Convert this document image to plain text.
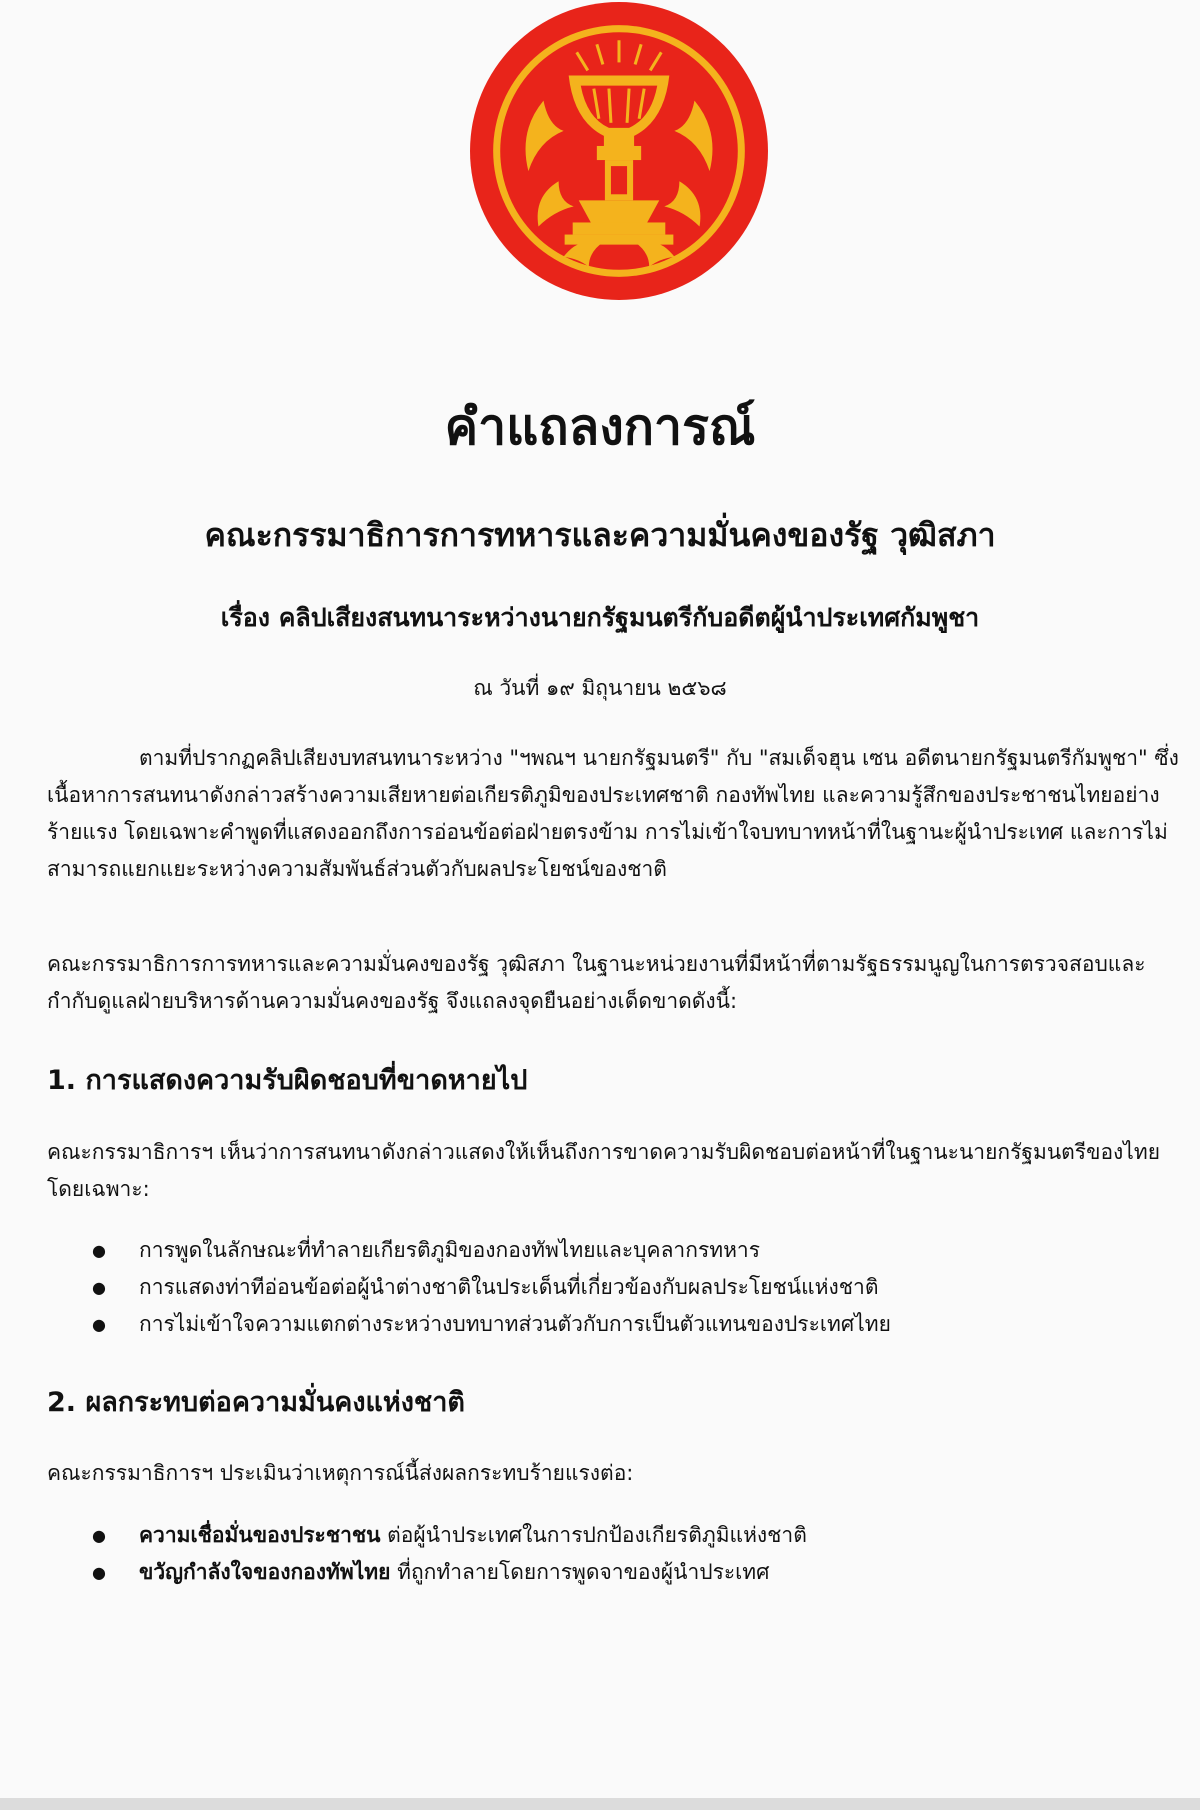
คำแถลงการณ์
คณะกรรมาธิการการทหารและความมั่นคงของรัฐ วุฒิสภา
เรื่อง คลิปเสียงสนทนาระหว่างนายกรัฐมนตรีกับอดีตผู้นำประเทศกัมพูชา

ณ วันที่ ๑๙ มิถุนายน ๒๕๖๘

ตามที่ปรากฏคลิปเสียงบทสนทนาระหว่าง "ฯพณฯ นายกรัฐมนตรี" กับ "สมเด็จฮุน เซน อดีตนายกรัฐมนตรีกัมพูชา" ซึ่งเนื้อหาการสนทนาดังกล่าวสร้างความเสียหายต่อเกียรติภูมิของประเทศชาติ กองทัพไทย และความรู้สึกของประชาชนไทยอย่างร้ายแรง โดยเฉพาะคำพูดที่แสดงออกถึงการอ่อนข้อต่อฝ่ายตรงข้าม การไม่เข้าใจบทบาทหน้าที่ในฐานะผู้นำประเทศ และการไม่สามารถแยกแยะระหว่างความสัมพันธ์ส่วนตัวกับผลประโยชน์ของชาติ

คณะกรรมาธิการการทหารและความมั่นคงของรัฐ วุฒิสภา ในฐานะหน่วยงานที่มีหน้าที่ตามรัฐธรรมนูญในการตรวจสอบและกำกับดูแลฝ่ายบริหารด้านความมั่นคงของรัฐ จึงแถลงจุดยืนอย่างเด็ดขาดดังนี้:

1. การแสดงความรับผิดชอบที่ขาดหายไป

คณะกรรมาธิการฯ เห็นว่าการสนทนาดังกล่าวแสดงให้เห็นถึงการขาดความรับผิดชอบต่อหน้าที่ในฐานะนายกรัฐมนตรีของไทย โดยเฉพาะ:

● การพูดในลักษณะที่ทำลายเกียรติภูมิของกองทัพไทยและบุคลากรทหาร
● การแสดงท่าทีอ่อนข้อต่อผู้นำต่างชาติในประเด็นที่เกี่ยวข้องกับผลประโยชน์แห่งชาติ
● การไม่เข้าใจความแตกต่างระหว่างบทบาทส่วนตัวกับการเป็นตัวแทนของประเทศไทย
2. ผลกระทบต่อความมั่นคงแห่งชาติ

คณะกรรมาธิการฯ ประเมินว่าเหตุการณ์นี้ส่งผลกระทบร้ายแรงต่อ:

● ความเชื่อมั่นของประชาชน ต่อผู้นำประเทศในการปกป้องเกียรติภูมิแห่งชาติ
● ขวัญกำลังใจของกองทัพไทย ที่ถูกทำลายโดยการพูดจาของผู้นำประเทศ
